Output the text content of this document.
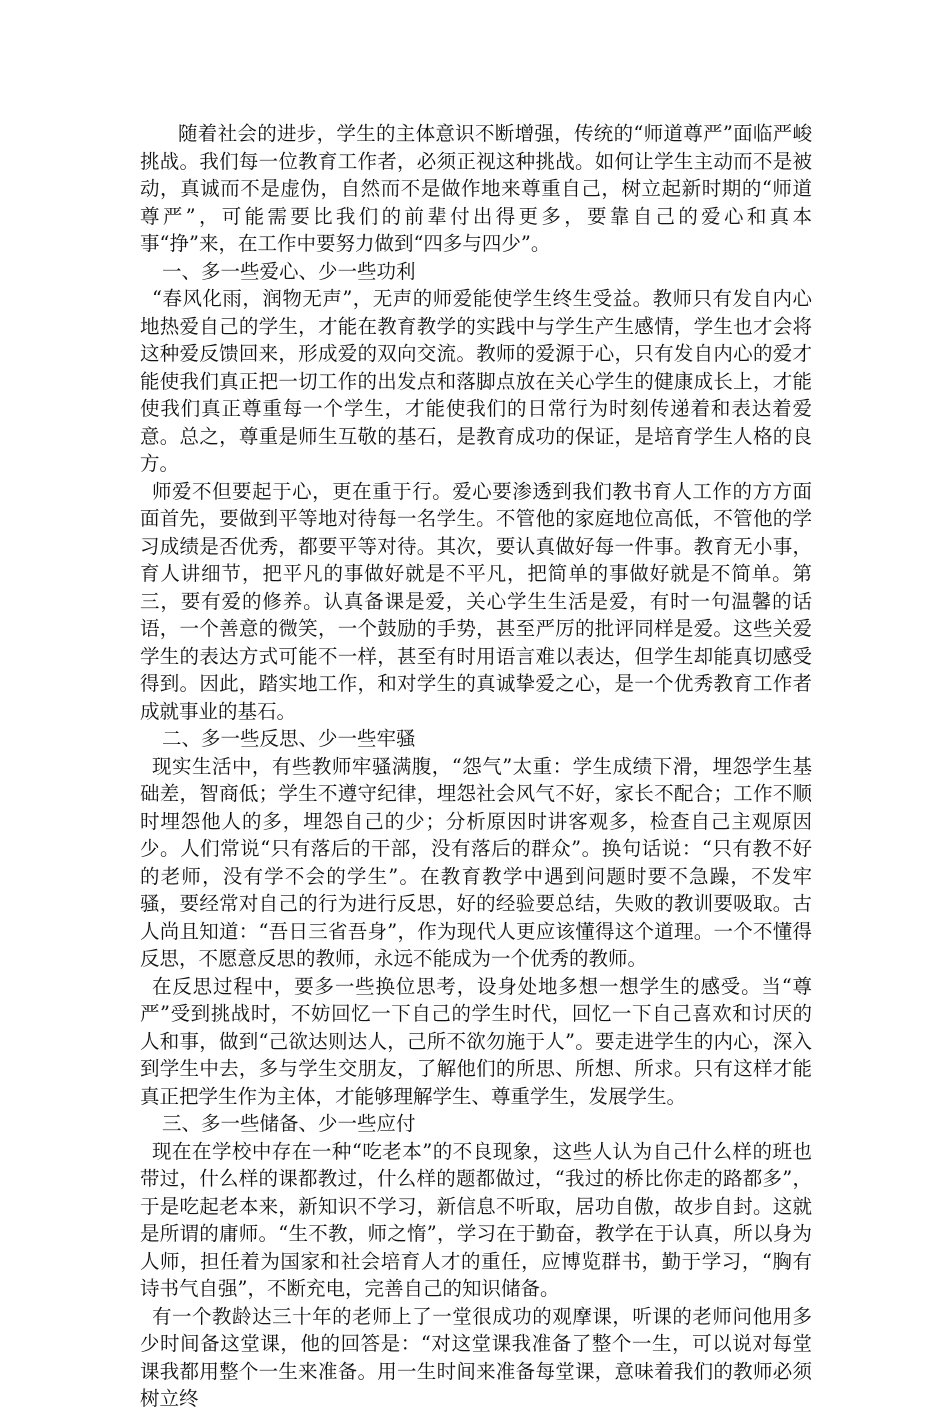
随着社会的进步，学生的主体意识不断增强，传统的“师道尊严”面临严峻挑战。我们每一位教育工作者，必须正视这种挑战。如何让学生主动而不是被动，真诚而不是虚伪，自然而不是做作地来尊重自己，树立起新时期的“师道尊严”，可能需要比我们的前辈付出得更多，要靠自己的爱心和真本事“挣”来，在工作中要努力做到“四多与四少”。

一、多一些爱心、少一些功利

“春风化雨，润物无声”，无声的师爱能使学生终生受益。教师只有发自内心地热爱自己的学生，才能在教育教学的实践中与学生产生感情，学生也才会将这种爱反馈回来，形成爱的双向交流。教师的爱源于心，只有发自内心的爱才能使我们真正把一切工作的出发点和落脚点放在关心学生的健康成长上，才能使我们真正尊重每一个学生，才能使我们的日常行为时刻传递着和表达着爱意。总之，尊重是师生互敬的基石，是教育成功的保证，是培育学生人格的良方。

师爱不但要起于心，更在重于行。爱心要渗透到我们教书育人工作的方方面面首先，要做到平等地对待每一名学生。不管他的家庭地位高低，不管他的学习成绩是否优秀，都要平等对待。其次，要认真做好每一件事。教育无小事，育人讲细节，把平凡的事做好就是不平凡，把简单的事做好就是不简单。第三，要有爱的修养。认真备课是爱，关心学生生活是爱，有时一句温馨的话语，一个善意的微笑，一个鼓励的手势，甚至严厉的批评同样是爱。这些关爱学生的表达方式可能不一样，甚至有时用语言难以表达，但学生却能真切感受得到。因此，踏实地工作，和对学生的真诚挚爱之心，是一个优秀教育工作者成就事业的基石。

二、多一些反思、少一些牢骚

现实生活中，有些教师牢骚满腹，“怨气”太重：学生成绩下滑，埋怨学生基础差，智商低；学生不遵守纪律，埋怨社会风气不好，家长不配合；工作不顺时埋怨他人的多，埋怨自己的少；分析原因时讲客观多，检查自己主观原因少。人们常说“只有落后的干部，没有落后的群众”。换句话说：“只有教不好的老师，没有学不会的学生”。在教育教学中遇到问题时要不急躁，不发牢骚，要经常对自己的行为进行反思，好的经验要总结，失败的教训要吸取。古人尚且知道：“吾日三省吾身”，作为现代人更应该懂得这个道理。一个不懂得反思，不愿意反思的教师，永远不能成为一个优秀的教师。

在反思过程中，要多一些换位思考，设身处地多想一想学生的感受。当“尊严”受到挑战时，不妨回忆一下自己的学生时代，回忆一下自己喜欢和讨厌的人和事，做到“己欲达则达人，己所不欲勿施于人”。要走进学生的内心，深入到学生中去，多与学生交朋友，了解他们的所思、所想、所求。只有这样才能真正把学生作为主体，才能够理解学生、尊重学生，发展学生。

三、多一些储备、少一些应付

现在在学校中存在一种“吃老本”的不良现象，这些人认为自己什么样的班也带过，什么样的课都教过，什么样的题都做过，“我过的桥比你走的路都多”，于是吃起老本来，新知识不学习，新信息不听取，居功自傲，故步自封。这就是所谓的庸师。“生不教，师之惰”，学习在于勤奋，教学在于认真，所以身为人师，担任着为国家和社会培育人才的重任，应博览群书，勤于学习，“胸有诗书气自强”，不断充电，完善自己的知识储备。

有一个教龄达三十年的老师上了一堂很成功的观摩课，听课的老师问他用多少时间备这堂课，他的回答是：“对这堂课我准备了整个一生，可以说对每堂课我都用整个一生来准备。用一生时间来准备每堂课，意味着我们的教师必须树立终
